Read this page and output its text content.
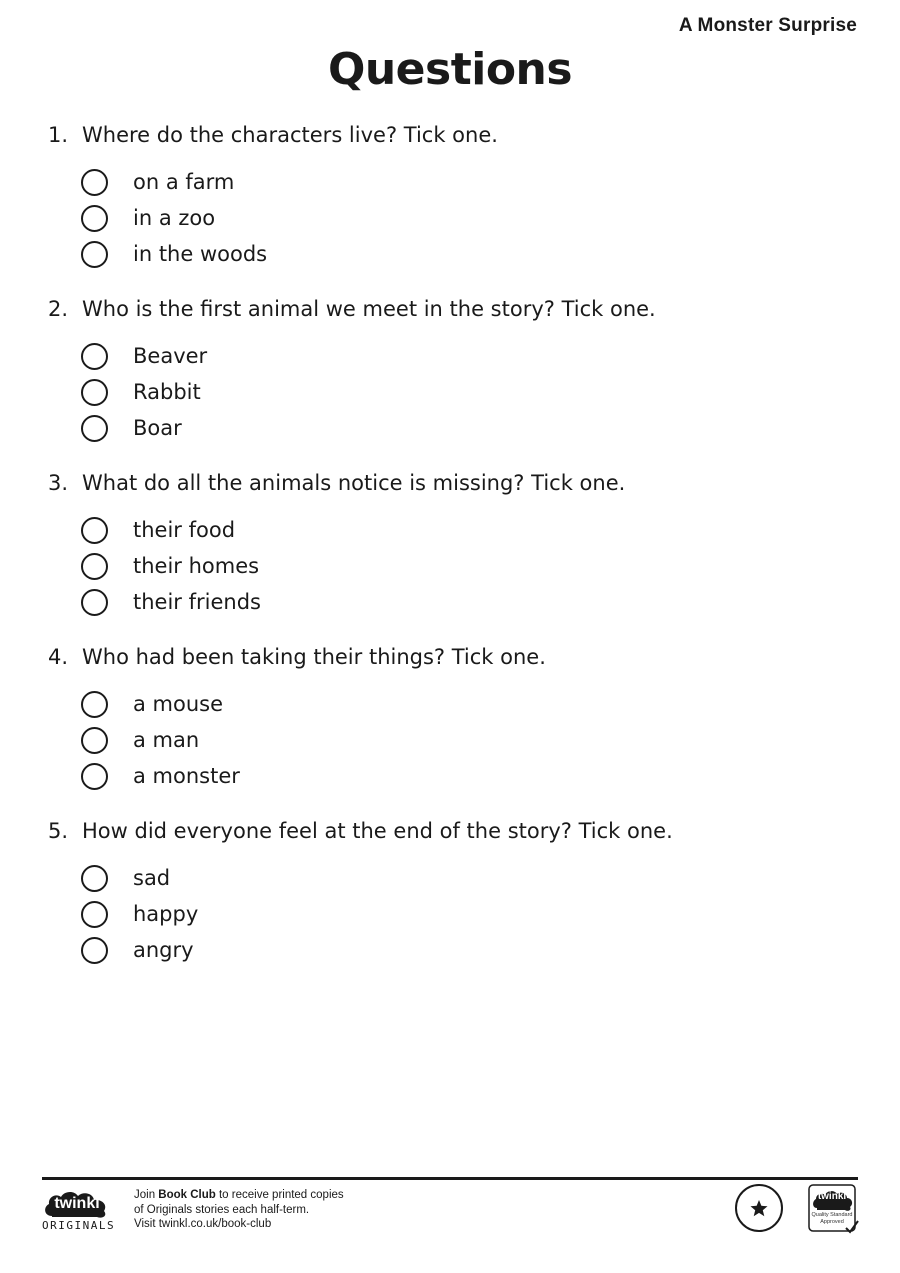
A Monster Surprise
Questions
1. Where do the characters live? Tick one.
on a farm
in a zoo
in the woods
2. Who is the first animal we meet in the story? Tick one.
Beaver
Rabbit
Boar
3. What do all the animals notice is missing? Tick one.
their food
their homes
their friends
4. Who had been taking their things? Tick one.
a mouse
a man
a monster
5. How did everyone feel at the end of the story? Tick one.
sad
happy
angry
twinkl
ORIGINALS
Join Book Club to receive printed copies
of Originals stories each half-term.
Visit twinkl.co.uk/book-club
twinkl
Quality Standard
Approved
